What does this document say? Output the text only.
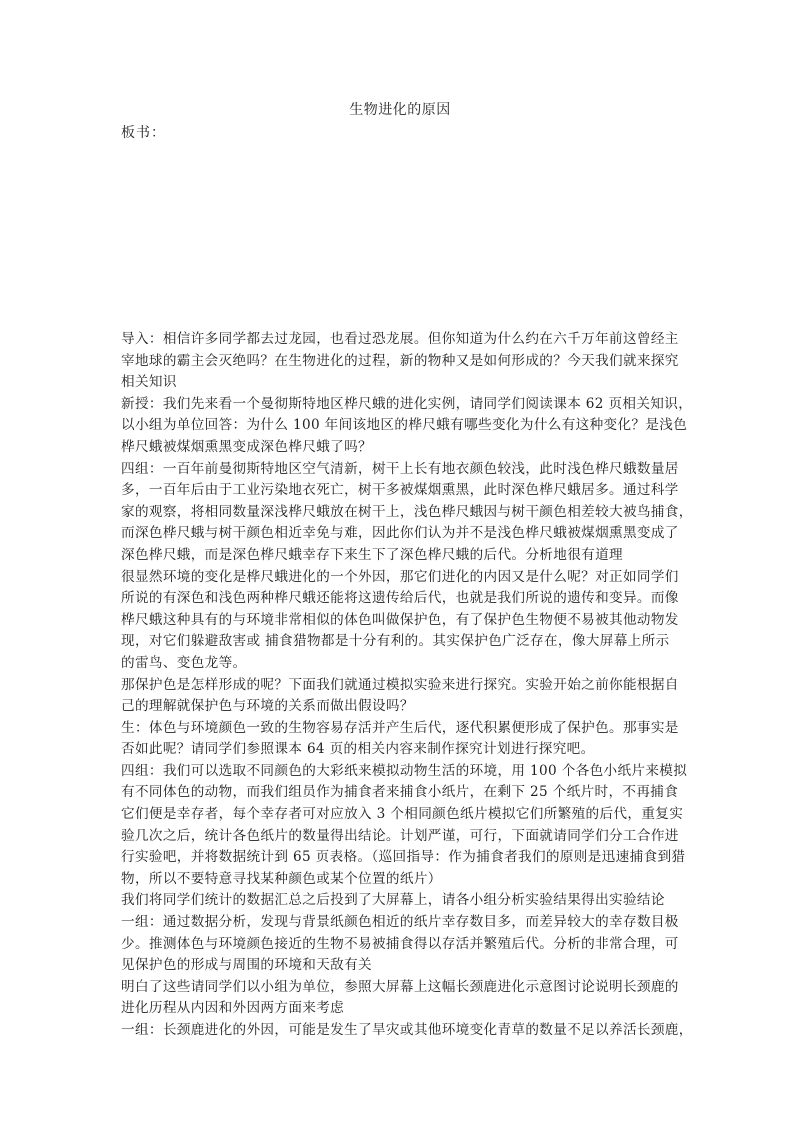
生物进化的原因
板书：
导入：相信许多同学都去过龙园，也看过恐龙展。但你知道为什么约在六千万年前这曾经主
宰地球的霸主会灭绝吗？在生物进化的过程，新的物种又是如何形成的？今天我们就来探究
相关知识
新授：我们先来看一个曼彻斯特地区桦尺蛾的进化实例，请同学们阅读课本 62 页相关知识，
以小组为单位回答：为什么 100 年间该地区的桦尺蛾有哪些变化为什么有这种变化？是浅色
桦尺蛾被煤烟熏黑变成深色桦尺蛾了吗？
四组：一百年前曼彻斯特地区空气清新，树干上长有地衣颜色较浅，此时浅色桦尺蛾数量居
多，一百年后由于工业污染地衣死亡，树干多被煤烟熏黑，此时深色桦尺蛾居多。通过科学
家的观察，将相同数量深浅桦尺蛾放在树干上，浅色桦尺蛾因与树干颜色相差较大被鸟捕食，
而深色桦尺蛾与树干颜色相近幸免与难，因此你们认为并不是浅色桦尺蛾被煤烟熏黑变成了
深色桦尺蛾，而是深色桦尺蛾幸存下来生下了深色桦尺蛾的后代。分析地很有道理
很显然环境的变化是桦尺蛾进化的一个外因，那它们进化的内因又是什么呢？对正如同学们
所说的有深色和浅色两种桦尺蛾还能将这遗传给后代，也就是我们所说的遗传和变异。而像
桦尺蛾这种具有的与环境非常相似的体色叫做保护色，有了保护色生物便不易被其他动物发
现，对它们躲避敌害或 捕食猎物都是十分有利的。其实保护色广泛存在，像大屏幕上所示
的雷鸟、变色龙等。
那保护色是怎样形成的呢？下面我们就通过模拟实验来进行探究。实验开始之前你能根据自
己的理解就保护色与环境的关系而做出假设吗？
生：体色与环境颜色一致的生物容易存活并产生后代，逐代积累便形成了保护色。那事实是
否如此呢？请同学们参照课本 64 页的相关内容来制作探究计划进行探究吧。
四组：我们可以选取不同颜色的大彩纸来模拟动物生活的环境，用 100 个各色小纸片来模拟
有不同体色的动物，而我们组员作为捕食者来捕食小纸片，在剩下 25 个纸片时，不再捕食
它们便是幸存者，每个幸存者可对应放入 3 个相同颜色纸片模拟它们所繁殖的后代，重复实
验几次之后，统计各色纸片的数量得出结论。计划严谨，可行，下面就请同学们分工合作进
行实验吧，并将数据统计到 65 页表格。（巡回指导：作为捕食者我们的原则是迅速捕食到猎
物，所以不要特意寻找某种颜色或某个位置的纸片）
我们将同学们统计的数据汇总之后投到了大屏幕上，请各小组分析实验结果得出实验结论
一组：通过数据分析，发现与背景纸颜色相近的纸片幸存数目多，而差异较大的幸存数目极
少。推测体色与环境颜色接近的生物不易被捕食得以存活并繁殖后代。分析的非常合理，可
见保护色的形成与周围的环境和天敌有关
明白了这些请同学们以小组为单位，参照大屏幕上这幅长颈鹿进化示意图讨论说明长颈鹿的
进化历程从内因和外因两方面来考虑
一组：长颈鹿进化的外因，可能是发生了旱灾或其他环境变化青草的数量不足以养活长颈鹿，
